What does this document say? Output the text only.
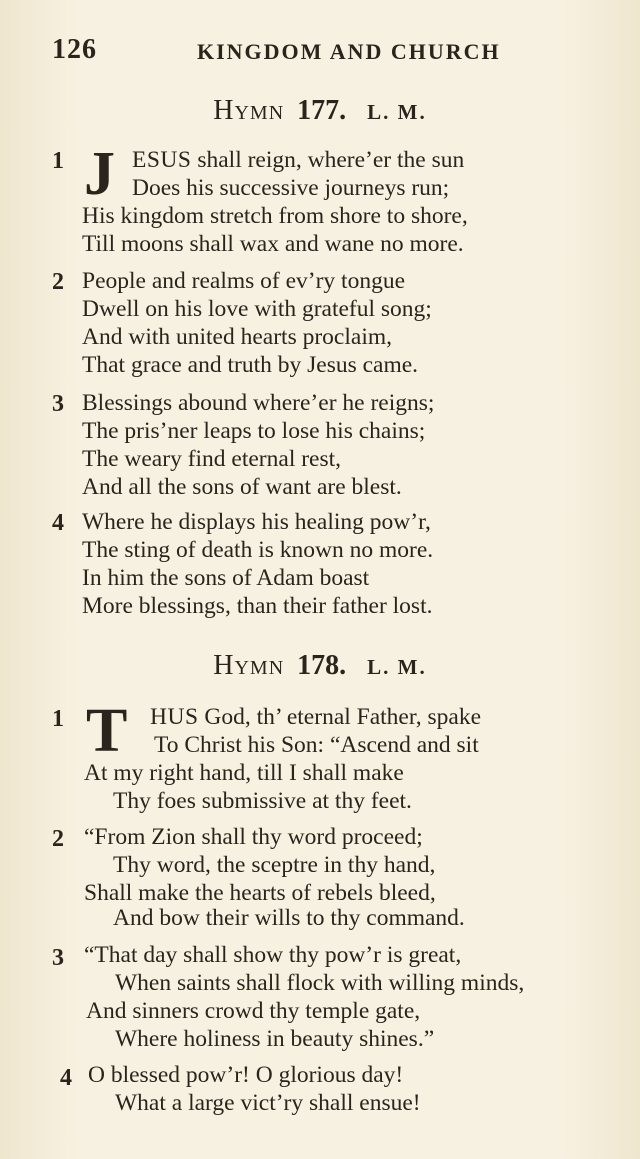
126	KINGDOM AND CHURCH
Hymn 177. L. M.
1 J ESUS shall reign, where’er the sun
Does his successive journeys run;
His kingdom stretch from shore to shore,
Till moons shall wax and wane no more.
2 People and realms of ev’ry tongue
Dwell on his love with grateful song;
And with united hearts proclaim,
That grace and truth by Jesus came.
3 Blessings abound where’er he reigns;
The pris’ner leaps to lose his chains;
The weary find eternal rest,
And all the sons of want are blest.
4 Where he displays his healing pow’r,
The sting of death is known no more.
In him the sons of Adam boast
More blessings, than their father lost.
Hymn 178. L. M.
1 T HUS God, th’ eternal Father, spake
To Christ his Son: “Ascend and sit
At my right hand, till I shall make
Thy foes submissive at thy feet.
2 “From Zion shall thy word proceed;
Thy word, the sceptre in thy hand,
Shall make the hearts of rebels bleed,
And bow their wills to thy command.
3 “That day shall show thy pow’r is great,
When saints shall flock with willing minds,
And sinners crowd thy temple gate,
Where holiness in beauty shines.”
4 O blessed pow’r! O glorious day!
What a large vict’ry shall ensue!
